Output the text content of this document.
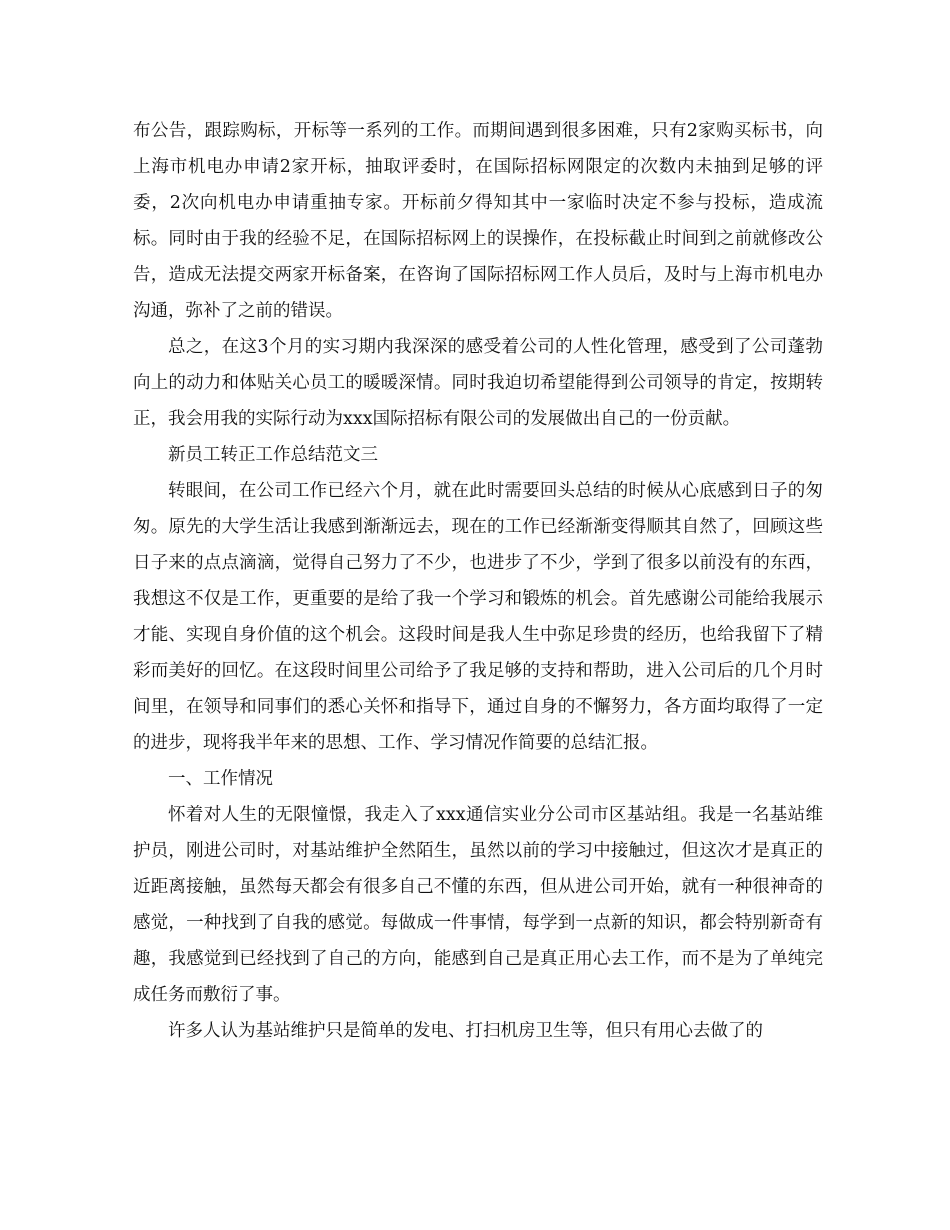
布公告，跟踪购标，开标等一系列的工作。而期间遇到很多困难，只有2家购买标书，向上海市机电办申请2家开标，抽取评委时，在国际招标网限定的次数内未抽到足够的评委，2次向机电办申请重抽专家。开标前夕得知其中一家临时决定不参与投标，造成流标。同时由于我的经验不足，在国际招标网上的误操作，在投标截止时间到之前就修改公告，造成无法提交两家开标备案，在咨询了国际招标网工作人员后，及时与上海市机电办沟通，弥补了之前的错误。

总之，在这3个月的实习期内我深深的感受着公司的人性化管理，感受到了公司蓬勃向上的动力和体贴关心员工的暖暖深情。同时我迫切希望能得到公司领导的肯定，按期转正，我会用我的实际行动为xxx国际招标有限公司的发展做出自己的一份贡献。

新员工转正工作总结范文三

转眼间，在公司工作已经六个月，就在此时需要回头总结的时候从心底感到日子的匆匆。原先的大学生活让我感到渐渐远去，现在的工作已经渐渐变得顺其自然了，回顾这些日子来的点点滴滴，觉得自己努力了不少，也进步了不少，学到了很多以前没有的东西，我想这不仅是工作，更重要的是给了我一个学习和锻炼的机会。首先感谢公司能给我展示才能、实现自身价值的这个机会。这段时间是我人生中弥足珍贵的经历，也给我留下了精彩而美好的回忆。在这段时间里公司给予了我足够的支持和帮助，进入公司后的几个月时间里，在领导和同事们的悉心关怀和指导下，通过自身的不懈努力，各方面均取得了一定的进步，现将我半年来的思想、工作、学习情况作简要的总结汇报。

一、工作情况

怀着对人生的无限憧憬，我走入了xxx通信实业分公司市区基站组。我是一名基站维护员，刚进公司时，对基站维护全然陌生，虽然以前的学习中接触过，但这次才是真正的近距离接触，虽然每天都会有很多自己不懂的东西，但从进公司开始，就有一种很神奇的感觉，一种找到了自我的感觉。每做成一件事情，每学到一点新的知识，都会特别新奇有趣，我感觉到已经找到了自己的方向，能感到自己是真正用心去工作，而不是为了单纯完成任务而敷衍了事。

许多人认为基站维护只是简单的发电、打扫机房卫生等，但只有用心去做了的
